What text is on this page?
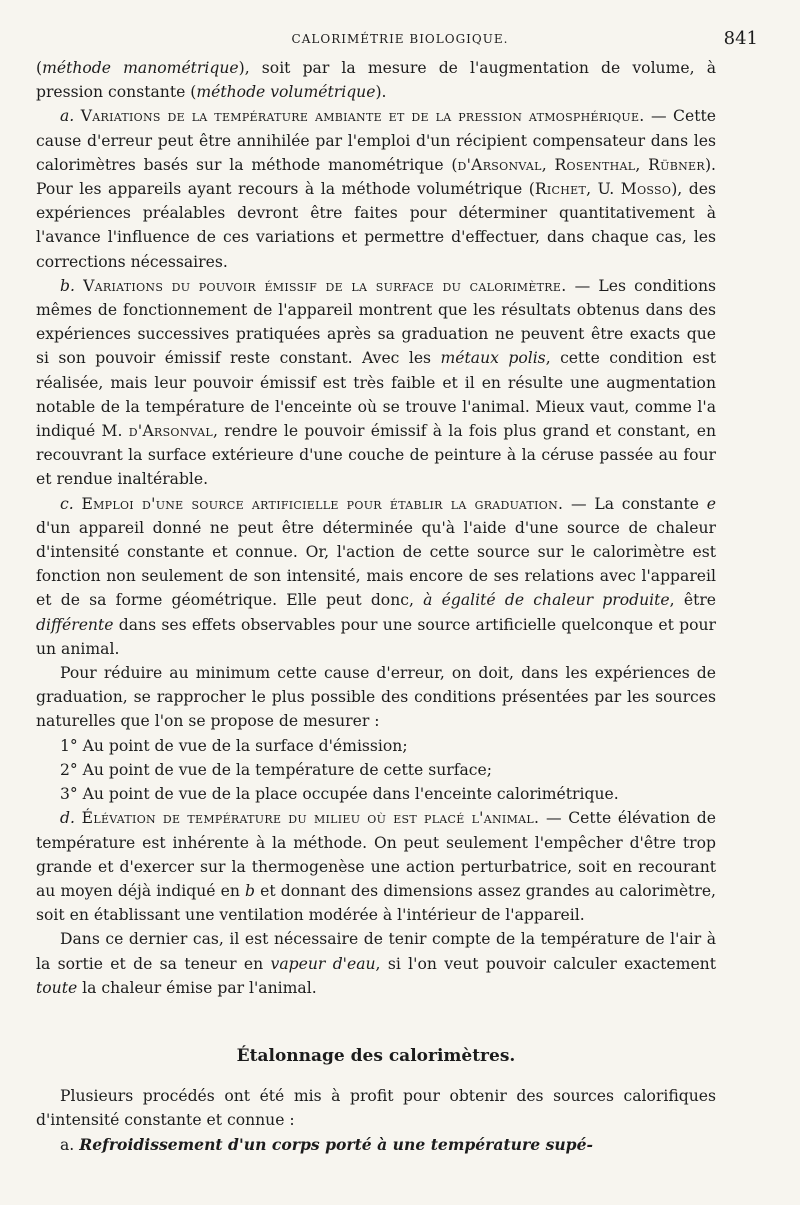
CALORIMÉTRIE BIOLOGIQUE.	841

(méthode manométrique), soit par la mesure de l'augmentation de volume, à pression constante (méthode volumétrique).

a. Variations de la température ambiante et de la pression atmosphérique. — Cette cause d'erreur peut être annihilée par l'emploi d'un récipient compensateur dans les calorimètres basés sur la méthode manométrique (d'Arsonval, Rosenthal, Rübner). Pour les appareils ayant recours à la méthode volumétrique (Richet, U. Mosso), des expériences préalables devront être faites pour déterminer quantitativement à l'avance l'influence de ces variations et permettre d'effectuer, dans chaque cas, les corrections nécessaires.

b. Variations du pouvoir émissif de la surface du calorimètre. — Les conditions mêmes de fonctionnement de l'appareil montrent que les résultats obtenus dans des expériences successives pratiquées après sa graduation ne peuvent être exacts que si son pouvoir émissif reste constant. Avec les métaux polis, cette condition est réalisée, mais leur pouvoir émissif est très faible et il en résulte une augmentation notable de la température de l'enceinte où se trouve l'animal. Mieux vaut, comme l'a indiqué M. d'Arsonval, rendre le pouvoir émissif à la fois plus grand et constant, en recouvrant la surface extérieure d'une couche de peinture à la céruse passée au four et rendue inaltérable.

c. Emploi d'une source artificielle pour établir la graduation. — La constante e d'un appareil donné ne peut être déterminée qu'à l'aide d'une source de chaleur d'intensité constante et connue. Or, l'action de cette source sur le calorimètre est fonction non seulement de son intensité, mais encore de ses relations avec l'appareil et de sa forme géométrique. Elle peut donc, à égalité de chaleur produite, être différente dans ses effets observables pour une source artificielle quelconque et pour un animal.

Pour réduire au minimum cette cause d'erreur, on doit, dans les expériences de graduation, se rapprocher le plus possible des conditions présentées par les sources naturelles que l'on se propose de mesurer :

1° Au point de vue de la surface d'émission;

2° Au point de vue de la température de cette surface;

3° Au point de vue de la place occupée dans l'enceinte calorimétrique.

d. Élévation de température du milieu où est placé l'animal. — Cette élévation de température est inhérente à la méthode. On peut seulement l'empêcher d'être trop grande et d'exercer sur la thermogenèse une action perturbatrice, soit en recourant au moyen déjà indiqué en b et donnant des dimensions assez grandes au calorimètre, soit en établissant une ventilation modérée à l'intérieur de l'appareil.

Dans ce dernier cas, il est nécessaire de tenir compte de la température de l'air à la sortie et de sa teneur en vapeur d'eau, si l'on veut pouvoir calculer exactement toute la chaleur émise par l'animal.

Étalonnage des calorimètres.

Plusieurs procédés ont été mis à profit pour obtenir des sources calorifiques d'intensité constante et connue :

a. Refroidissement d'un corps porté à une température supé-
